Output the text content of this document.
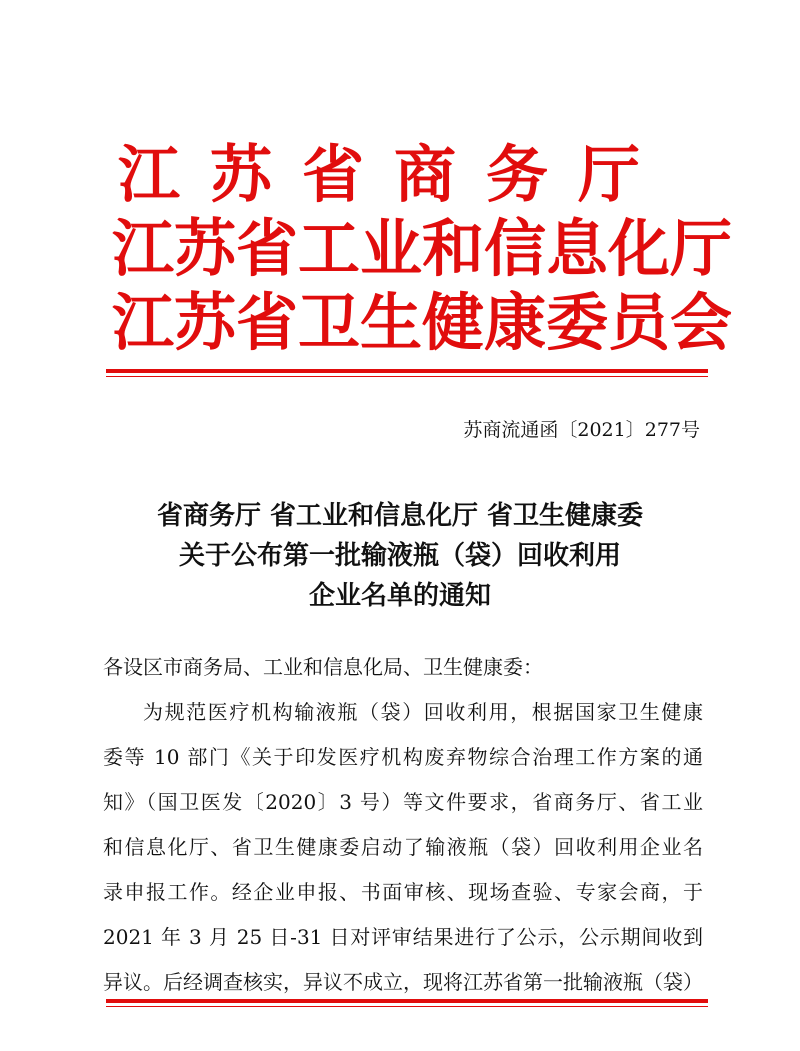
江苏省商务厅
江苏省工业和信息化厅
江苏省卫生健康委员会
苏商流通函〔2021〕277号
省商务厅 省工业和信息化厅 省卫生健康委
关于公布第一批输液瓶（袋）回收利用
企业名单的通知
各设区市商务局、工业和信息化局、卫生健康委：
为规范医疗机构输液瓶（袋）回收利用，根据国家卫生健康
委等 10 部门《关于印发医疗机构废弃物综合治理工作方案的通
知》（国卫医发〔2020〕3 号）等文件要求，省商务厅、省工业
和信息化厅、省卫生健康委启动了输液瓶（袋）回收利用企业名
录申报工作。经企业申报、书面审核、现场查验、专家会商，于
2021 年 3 月 25 日-31 日对评审结果进行了公示，公示期间收到
异议。后经调查核实，异议不成立，现将江苏省第一批输液瓶（袋）
